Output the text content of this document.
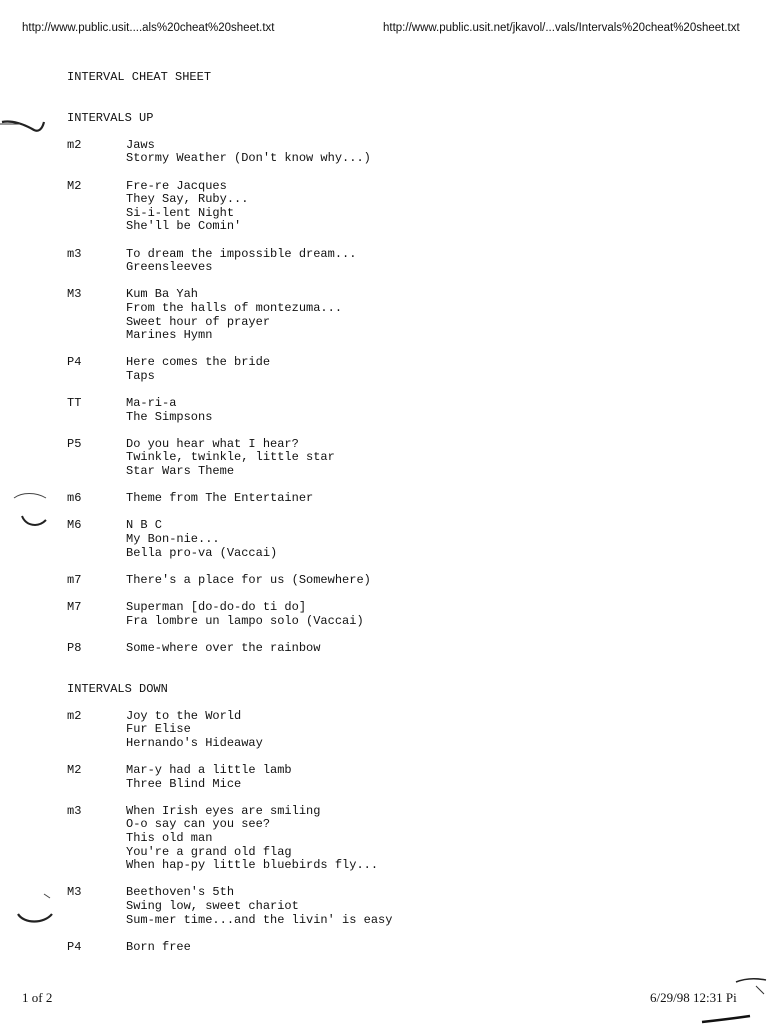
http://www.public.usit....als%20cheat%20sheet.txt	http://www.public.usit.net/jkavol/...vals/Intervals%20cheat%20sheet.txt
INTERVAL CHEAT SHEET
INTERVALS UP
m2	Jaws
Stormy Weather (Don't know why...)
M2	Fre-re Jacques
They Say, Ruby...
Si-i-lent Night
She'll be Comin'
m3	To dream the impossible dream...
Greensleeves
M3	Kum Ba Yah
From the halls of montezuma...
Sweet hour of prayer
Marines Hymn
P4	Here comes the bride
Taps
TT	Ma-ri-a
The Simpsons
P5	Do you hear what I hear?
Twinkle, twinkle, little star
Star Wars Theme
m6	Theme from The Entertainer
M6	N B C
My Bon-nie...
Bella pro-va (Vaccai)
m7	There's a place for us (Somewhere)
M7	Superman [do-do-do ti do]
Fra lombre un lampo solo (Vaccai)
P8	Some-where over the rainbow
INTERVALS DOWN
m2	Joy to the World
Fur Elise
Hernando's Hideaway
M2	Mar-y had a little lamb
Three Blind Mice
m3	When Irish eyes are smiling
O-o say can you see?
This old man
You're a grand old flag
When hap-py little bluebirds fly...
M3	Beethoven's 5th
Swing low, sweet chariot
Sum-mer time...and the livin' is easy
P4	Born free
1 of 2	6/29/98 12:31 Pi
